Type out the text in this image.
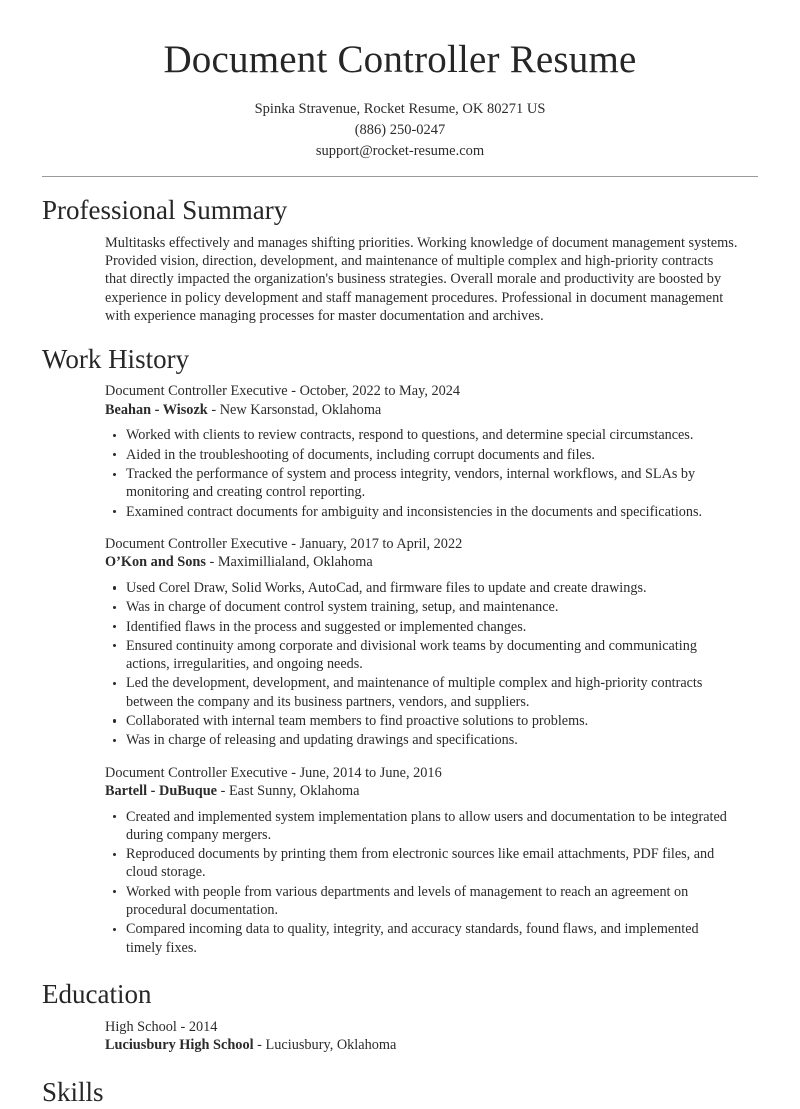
Document Controller Resume
Spinka Stravenue, Rocket Resume, OK 80271 US
(886) 250-0247
support@rocket-resume.com
Professional Summary

Multitasks effectively and manages shifting priorities. Working knowledge of document management systems. Provided vision, direction, development, and maintenance of multiple complex and high-priority contracts that directly impacted the organization's business strategies. Overall morale and productivity are boosted by experience in policy development and staff management procedures. Professional in document management with experience managing processes for master documentation and archives.

Work History
Document Controller Executive - October, 2022 to May, 2024
Beahan - Wisozk - New Karsonstad, Oklahoma
Worked with clients to review contracts, respond to questions, and determine special circumstances.
Aided in the troubleshooting of documents, including corrupt documents and files.
Tracked the performance of system and process integrity, vendors, internal workflows, and SLAs by monitoring and creating control reporting.
Examined contract documents for ambiguity and inconsistencies in the documents and specifications.
Document Controller Executive - January, 2017 to April, 2022
O’Kon and Sons - Maximillialand, Oklahoma
Used Corel Draw, Solid Works, AutoCad, and firmware files to update and create drawings.
Was in charge of document control system training, setup, and maintenance.
Identified flaws in the process and suggested or implemented changes.
Ensured continuity among corporate and divisional work teams by documenting and communicating actions, irregularities, and ongoing needs.
Led the development, development, and maintenance of multiple complex and high-priority contracts between the company and its business partners, vendors, and suppliers.
Collaborated with internal team members to find proactive solutions to problems.
Was in charge of releasing and updating drawings and specifications.
Document Controller Executive - June, 2014 to June, 2016
Bartell - DuBuque - East Sunny, Oklahoma
Created and implemented system implementation plans to allow users and documentation to be integrated during company mergers.
Reproduced documents by printing them from electronic sources like email attachments, PDF files, and cloud storage.
Worked with people from various departments and levels of management to reach an agreement on procedural documentation.
Compared incoming data to quality, integrity, and accuracy standards, found flaws, and implemented timely fixes.
Education
High School - 2014
Luciusbury High School - Luciusbury, Oklahoma
Skills
